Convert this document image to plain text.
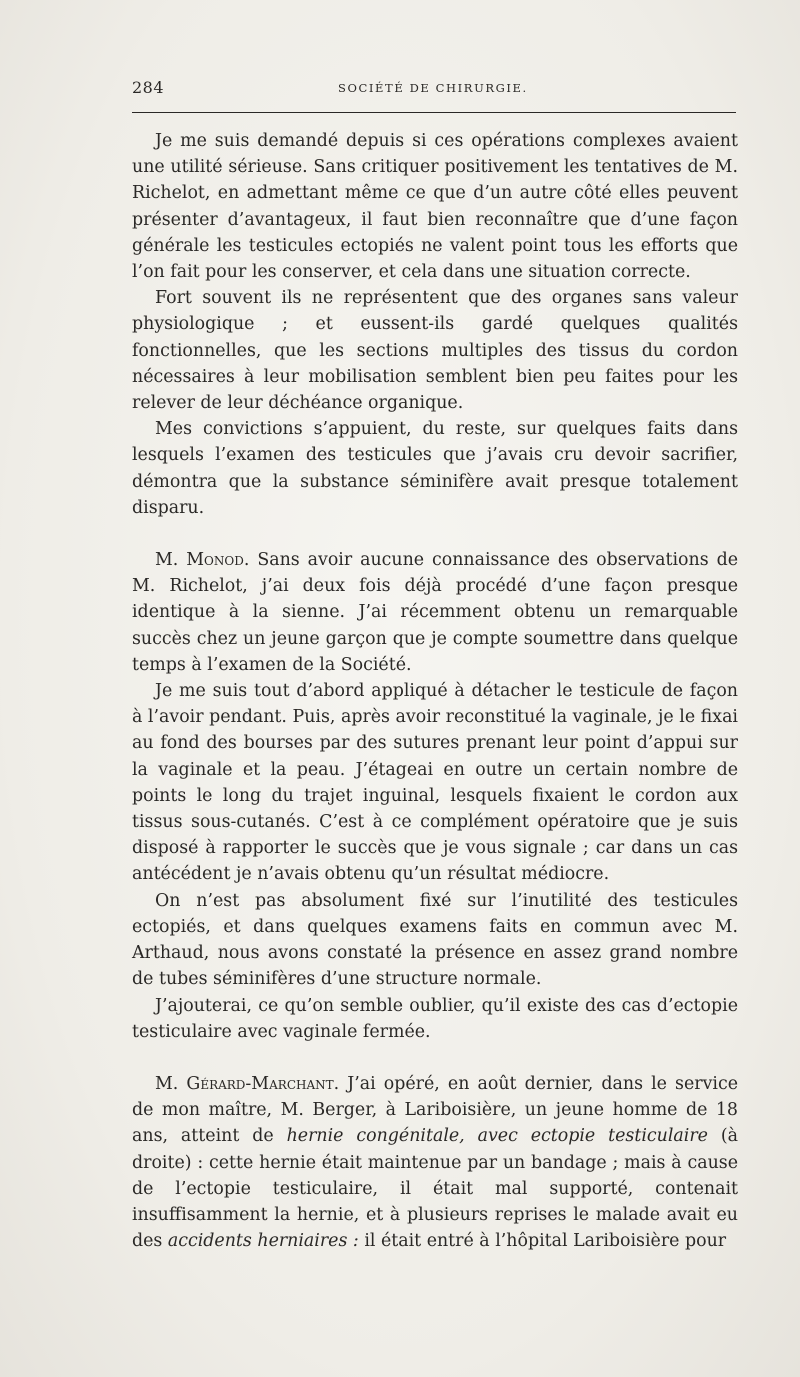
284	SOCIÉTÉ DE CHIRURGIE.

Je me suis demandé depuis si ces opérations complexes avaient une utilité sérieuse. Sans critiquer positivement les tentatives de M. Richelot, en admettant même ce que d’un autre côté elles peuvent présenter d’avantageux, il faut bien reconnaître que d’une façon générale les testicules ectopiés ne valent point tous les efforts que l’on fait pour les conserver, et cela dans une situation correcte.

Fort souvent ils ne représentent que des organes sans valeur physiologique ; et eussent-ils gardé quelques qualités fonctionnelles, que les sections multiples des tissus du cordon nécessaires à leur mobilisation semblent bien peu faites pour les relever de leur déchéance organique.

Mes convictions s’appuient, du reste, sur quelques faits dans lesquels l’examen des testicules que j’avais cru devoir sacrifier, démontra que la substance séminifère avait presque totalement disparu.

M. Monod. Sans avoir aucune connaissance des observations de M. Richelot, j’ai deux fois déjà procédé d’une façon presque identique à la sienne. J’ai récemment obtenu un remarquable succès chez un jeune garçon que je compte soumettre dans quelque temps à l’examen de la Société.

Je me suis tout d’abord appliqué à détacher le testicule de façon à l’avoir pendant. Puis, après avoir reconstitué la vaginale, je le fixai au fond des bourses par des sutures prenant leur point d’appui sur la vaginale et la peau. J’étageai en outre un certain nombre de points le long du trajet inguinal, lesquels fixaient le cordon aux tissus sous-cutanés. C’est à ce complément opératoire que je suis disposé à rapporter le succès que je vous signale ; car dans un cas antécédent je n’avais obtenu qu’un résultat médiocre.

On n’est pas absolument fixé sur l’inutilité des testicules ectopiés, et dans quelques examens faits en commun avec M. Arthaud, nous avons constaté la présence en assez grand nombre de tubes séminifères d’une structure normale.

J’ajouterai, ce qu’on semble oublier, qu’il existe des cas d’ectopie testiculaire avec vaginale fermée.

M. Gérard-Marchant. J’ai opéré, en août dernier, dans le service de mon maître, M. Berger, à Lariboisière, un jeune homme de 18 ans, atteint de hernie congénitale, avec ectopie testiculaire (à droite) : cette hernie était maintenue par un bandage ; mais à cause de l’ectopie testiculaire, il était mal supporté, contenait insuffisamment la hernie, et à plusieurs reprises le malade avait eu des accidents herniaires : il était entré à l’hôpital Lariboisière pour
